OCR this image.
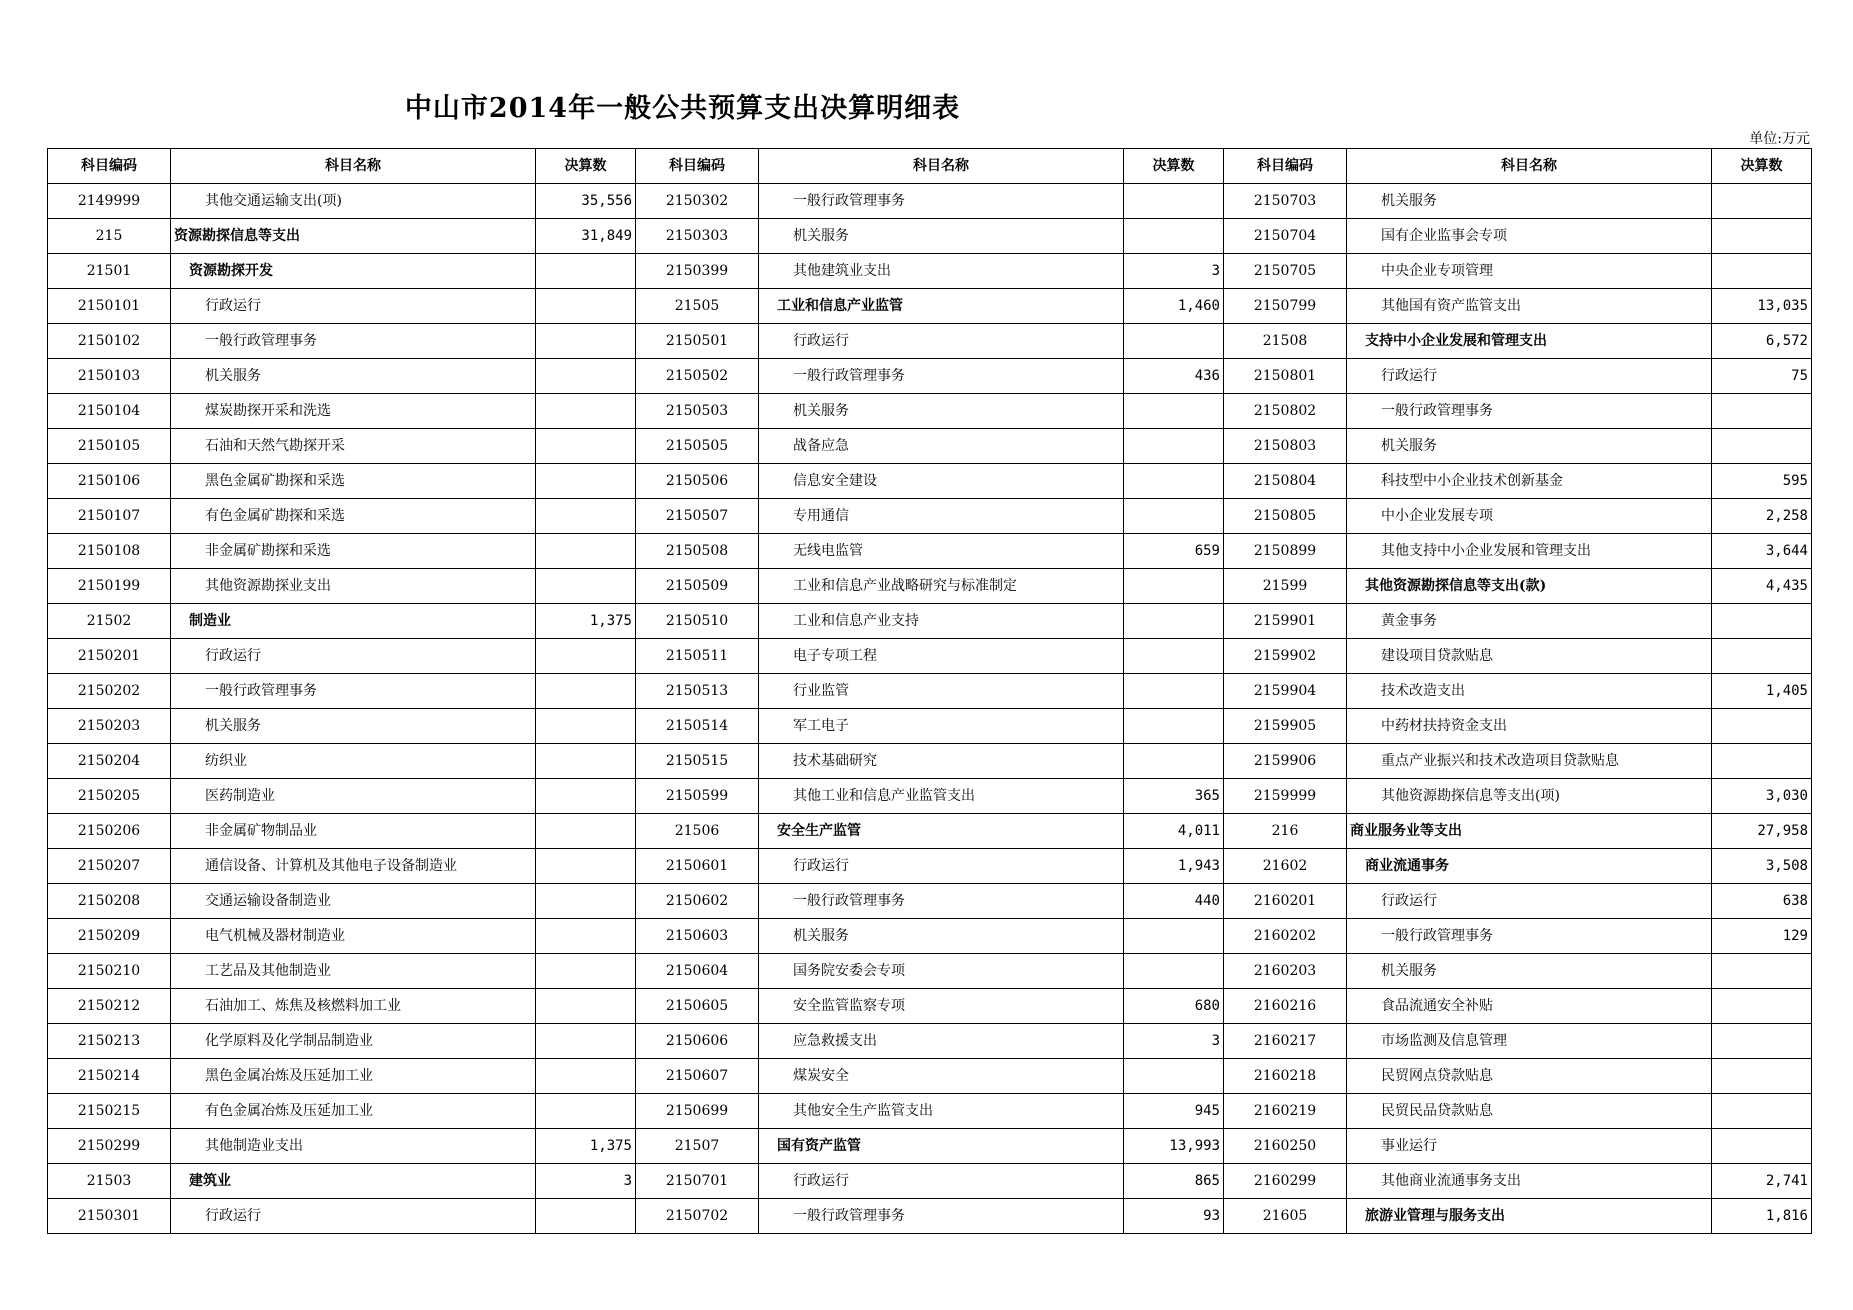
中山市2014年一般公共预算支出决算明细表
单位:万元
科目编码	科目名称	决算数	科目编码	科目名称	决算数	科目编码	科目名称	决算数
2149999	其他交通运输支出(项)	35,556	2150302	一般行政管理事务		2150703	机关服务	
215	资源勘探信息等支出	31,849	2150303	机关服务		2150704	国有企业监事会专项	
21501	资源勘探开发		2150399	其他建筑业支出	3	2150705	中央企业专项管理	
2150101	行政运行		21505	工业和信息产业监管	1,460	2150799	其他国有资产监管支出	13,035
2150102	一般行政管理事务		2150501	行政运行		21508	支持中小企业发展和管理支出	6,572
2150103	机关服务		2150502	一般行政管理事务	436	2150801	行政运行	75
2150104	煤炭勘探开采和洗选		2150503	机关服务		2150802	一般行政管理事务	
2150105	石油和天然气勘探开采		2150505	战备应急		2150803	机关服务	
2150106	黑色金属矿勘探和采选		2150506	信息安全建设		2150804	科技型中小企业技术创新基金	595
2150107	有色金属矿勘探和采选		2150507	专用通信		2150805	中小企业发展专项	2,258
2150108	非金属矿勘探和采选		2150508	无线电监管	659	2150899	其他支持中小企业发展和管理支出	3,644
2150199	其他资源勘探业支出		2150509	工业和信息产业战略研究与标准制定		21599	其他资源勘探信息等支出(款)	4,435
21502	制造业	1,375	2150510	工业和信息产业支持		2159901	黄金事务	
2150201	行政运行		2150511	电子专项工程		2159902	建设项目贷款贴息	
2150202	一般行政管理事务		2150513	行业监管		2159904	技术改造支出	1,405
2150203	机关服务		2150514	军工电子		2159905	中药材扶持资金支出	
2150204	纺织业		2150515	技术基础研究		2159906	重点产业振兴和技术改造项目贷款贴息	
2150205	医药制造业		2150599	其他工业和信息产业监管支出	365	2159999	其他资源勘探信息等支出(项)	3,030
2150206	非金属矿物制品业		21506	安全生产监管	4,011	216	商业服务业等支出	27,958
2150207	通信设备、计算机及其他电子设备制造业		2150601	行政运行	1,943	21602	商业流通事务	3,508
2150208	交通运输设备制造业		2150602	一般行政管理事务	440	2160201	行政运行	638
2150209	电气机械及器材制造业		2150603	机关服务		2160202	一般行政管理事务	129
2150210	工艺品及其他制造业		2150604	国务院安委会专项		2160203	机关服务	
2150212	石油加工、炼焦及核燃料加工业		2150605	安全监管监察专项	680	2160216	食品流通安全补贴	
2150213	化学原料及化学制品制造业		2150606	应急救援支出	3	2160217	市场监测及信息管理	
2150214	黑色金属冶炼及压延加工业		2150607	煤炭安全		2160218	民贸网点贷款贴息	
2150215	有色金属冶炼及压延加工业		2150699	其他安全生产监管支出	945	2160219	民贸民品贷款贴息	
2150299	其他制造业支出	1,375	21507	国有资产监管	13,993	2160250	事业运行	
21503	建筑业	3	2150701	行政运行	865	2160299	其他商业流通事务支出	2,741
2150301	行政运行		2150702	一般行政管理事务	93	21605	旅游业管理与服务支出	1,816
